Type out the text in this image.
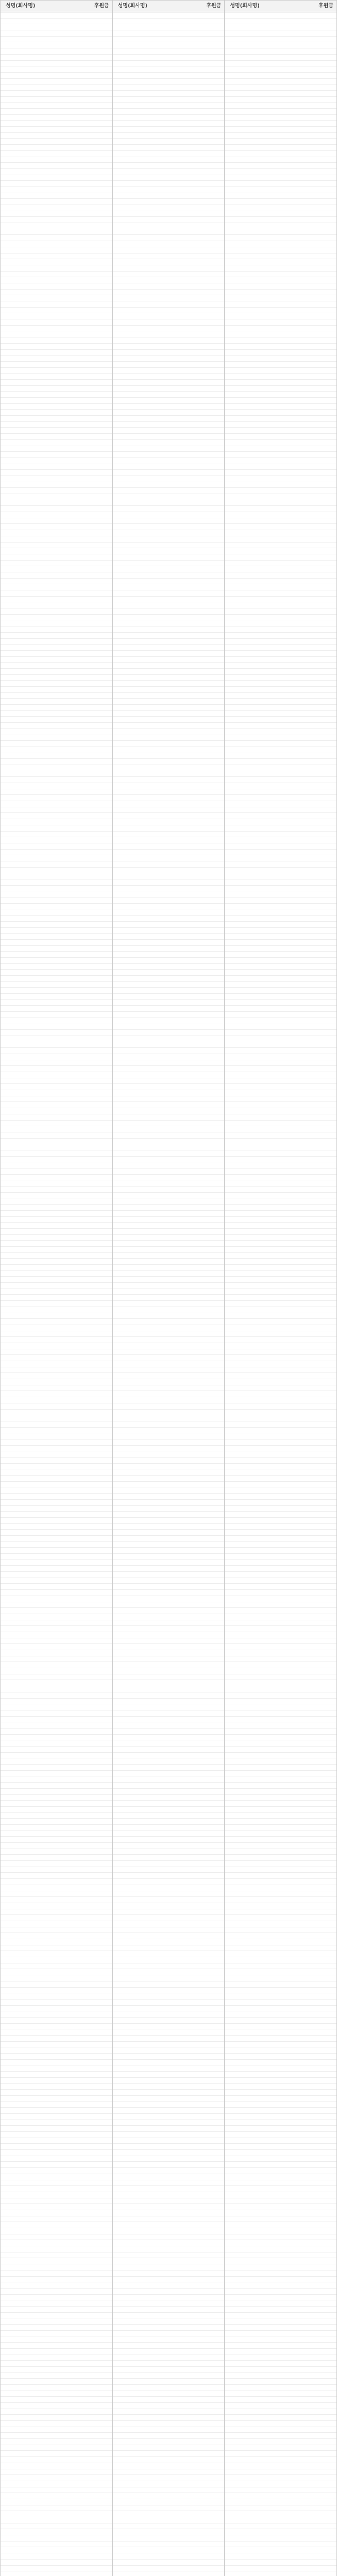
성명(회사명)	후원금	성명(회사명)	후원금	성명(회사명)	후원금
